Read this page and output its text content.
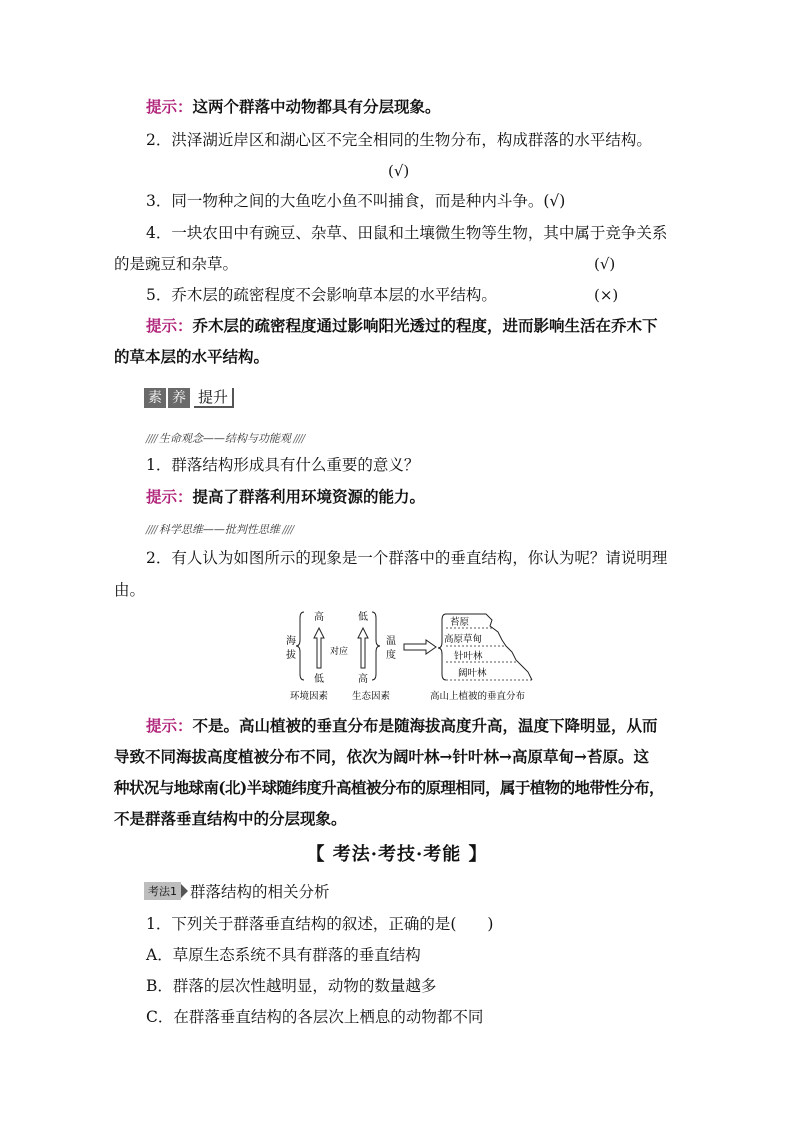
提示：这两个群落中动物都具有分层现象。
2．洪泽湖近岸区和湖心区不完全相同的生物分布，构成群落的水平结构。
(√)
3．同一物种之间的大鱼吃小鱼不叫捕食，而是种内斗争。(√)
4．一块农田中有豌豆、杂草、田鼠和土壤微生物等生物，其中属于竞争关系
的是豌豆和杂草。	(√)
5．乔木层的疏密程度不会影响草本层的水平结构。	(×)
提示：乔木层的疏密程度通过影响阳光透过的程度，进而影响生活在乔木下
的草本层的水平结构。
素 养 提升
//// 生命观念——结构与功能观 ////
1．群落结构形成具有什么重要的意义？
提示：提高了群落利用环境资源的能力。
//// 科学思维——批判性思维 ////
2．有人认为如图所示的现象是一个群落中的垂直结构，你认为呢？请说明理
由。
海
拔
高
低
对应
低
高
温
度
苔原
高原草甸
针叶林
阔叶林
环境因素	生态因素	高山上植被的垂直分布
提示：不是。高山植被的垂直分布是随海拔高度升高，温度下降明显，从而
导致不同海拔高度植被分布不同，依次为阔叶林→针叶林→高原草甸→苔原。这
种状况与地球南(北)半球随纬度升高植被分布的原理相同，属于植物的地带性分布，
不是群落垂直结构中的分层现象。
【 考法·考技·考能 】
考法1 群落结构的相关分析
1．下列关于群落垂直结构的叙述，正确的是(　　)
A．草原生态系统不具有群落的垂直结构
B．群落的层次性越明显，动物的数量越多
C．在群落垂直结构的各层次上栖息的动物都不同
